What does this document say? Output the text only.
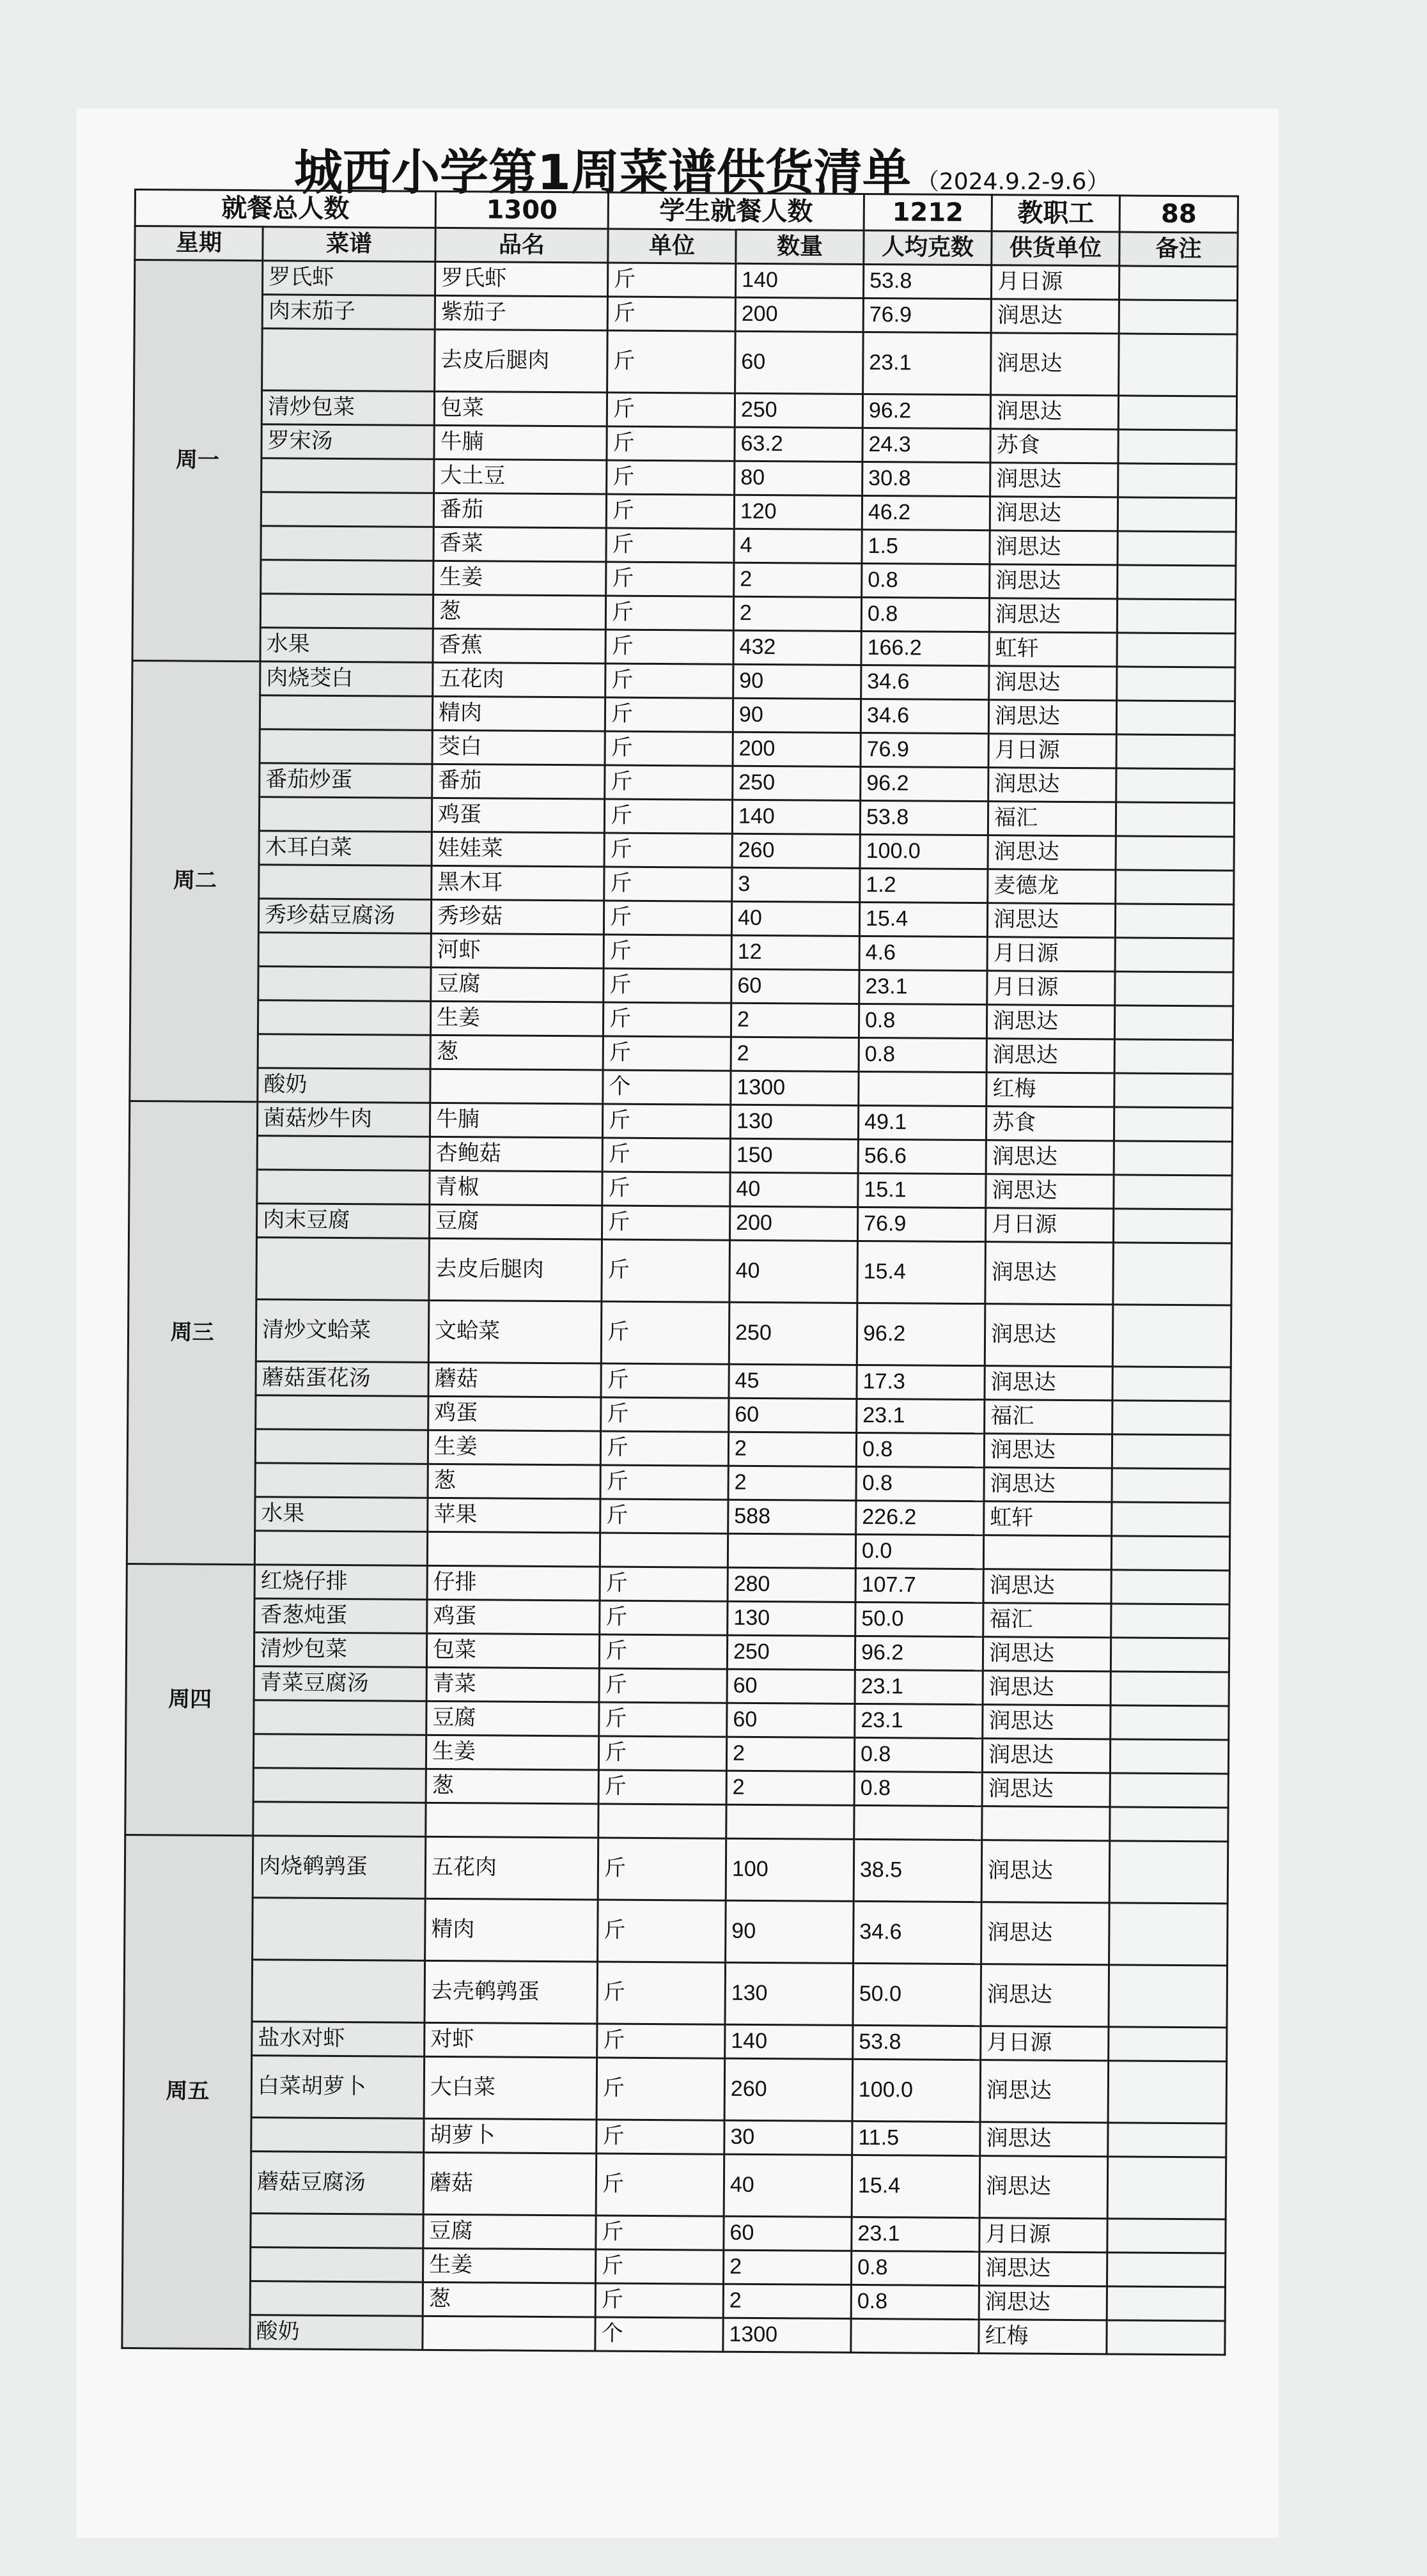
城西小学第1周菜谱供货清单 （2024.9.2-9.6）
就餐总人数		1300	学生就餐人数		1212	教职工	88
星期	菜谱	品名	单位	数量	人均克数	供货单位	备注
周一	罗氏虾	罗氏虾	斤	140	53.8	月日源	
	肉末茄子	紫茄子	斤	200	76.9	润思达	
		去皮后腿肉	斤	60	23.1	润思达	
	清炒包菜	包菜	斤	250	96.2	润思达	
	罗宋汤	牛腩	斤	63.2	24.3	苏食	
		大土豆	斤	80	30.8	润思达	
		番茄	斤	120	46.2	润思达	
		香菜	斤	4	1.5	润思达	
		生姜	斤	2	0.8	润思达	
		葱	斤	2	0.8	润思达	
	水果	香蕉	斤	432	166.2	虹轩	
周二	肉烧茭白	五花肉	斤	90	34.6	润思达	
		精肉	斤	90	34.6	润思达	
		茭白	斤	200	76.9	月日源	
	番茄炒蛋	番茄	斤	250	96.2	润思达	
		鸡蛋	斤	140	53.8	福汇	
	木耳白菜	娃娃菜	斤	260	100.0	润思达	
		黑木耳	斤	3	1.2	麦德龙	
	秀珍菇豆腐汤	秀珍菇	斤	40	15.4	润思达	
		河虾	斤	12	4.6	月日源	
		豆腐	斤	60	23.1	月日源	
		生姜	斤	2	0.8	润思达	
		葱	斤	2	0.8	润思达	
	酸奶		个	1300		红梅	
周三	菌菇炒牛肉	牛腩	斤	130	49.1	苏食	
		杏鲍菇	斤	150	56.6	润思达	
		青椒	斤	40	15.1	润思达	
	肉末豆腐	豆腐	斤	200	76.9	月日源	
		去皮后腿肉	斤	40	15.4	润思达	
	清炒文蛤菜	文蛤菜	斤	250	96.2	润思达	
	蘑菇蛋花汤	蘑菇	斤	45	17.3	润思达	
		鸡蛋	斤	60	23.1	福汇	
		生姜	斤	2	0.8	润思达	
		葱	斤	2	0.8	润思达	
	水果	苹果	斤	588	226.2	虹轩	
					0.0		
周四	红烧仔排	仔排	斤	280	107.7	润思达	
	香葱炖蛋	鸡蛋	斤	130	50.0	福汇	
	清炒包菜	包菜	斤	250	96.2	润思达	
	青菜豆腐汤	青菜	斤	60	23.1	润思达	
		豆腐	斤	60	23.1	润思达	
		生姜	斤	2	0.8	润思达	
		葱	斤	2	0.8	润思达	

周五	肉烧鹌鹑蛋	五花肉	斤	100	38.5	润思达	
		精肉	斤	90	34.6	润思达	
		去壳鹌鹑蛋	斤	130	50.0	润思达	
	盐水对虾	对虾	斤	140	53.8	月日源	
	白菜胡萝卜	大白菜	斤	260	100.0	润思达	
		胡萝卜	斤	30	11.5	润思达	
	蘑菇豆腐汤	蘑菇	斤	40	15.4	润思达	
		豆腐	斤	60	23.1	月日源	
		生姜	斤	2	0.8	润思达	
		葱	斤	2	0.8	润思达	
	酸奶		个	1300		红梅	
